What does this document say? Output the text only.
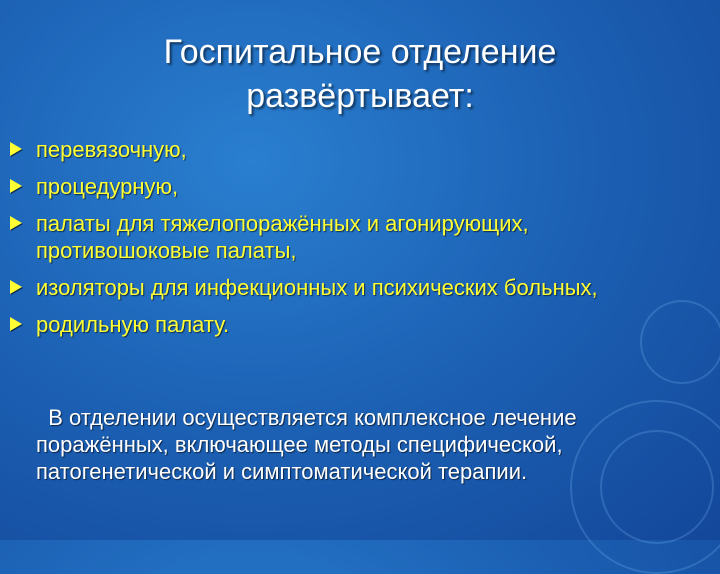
Госпитальное отделение развёртывает:
перевязочную,
процедурную,
палаты для тяжелопоражённых и агонирующих, противошоковые палаты,
изоляторы для инфекционных и психических больных,
родильную палату.
В отделении осуществляется комплексное лечение поражённых, включающее методы специфической, патогенетической и симптоматической терапии.
